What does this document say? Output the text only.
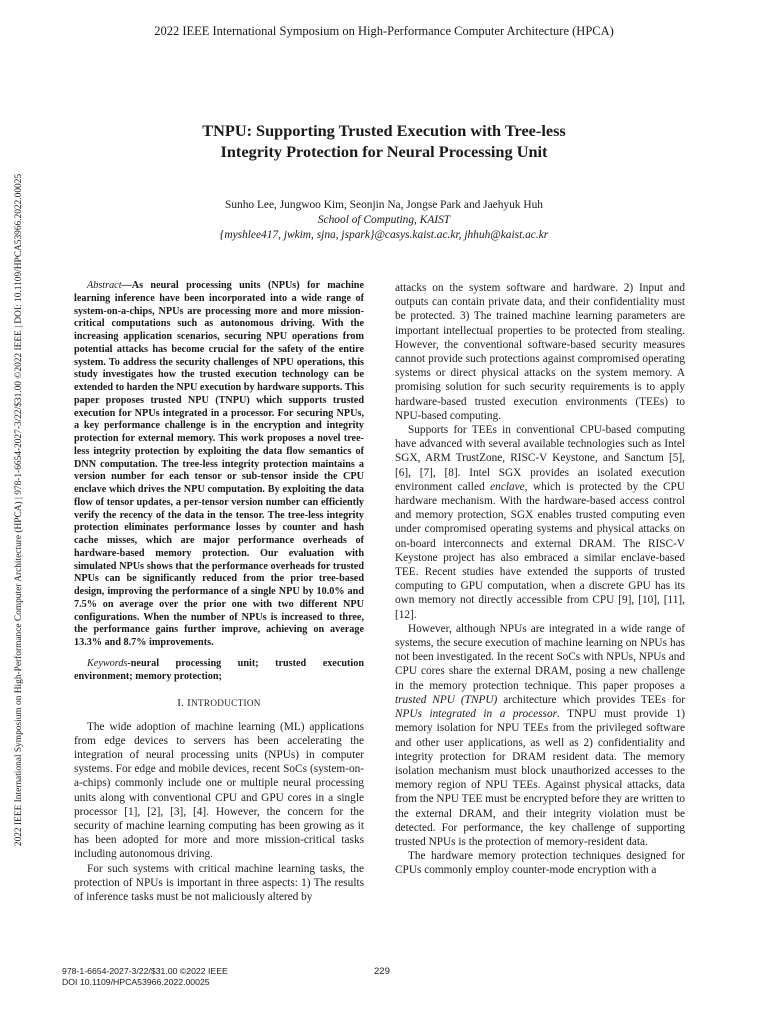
2022 IEEE International Symposium on High-Performance Computer Architecture (HPCA)
2022 IEEE International Symposium on High-Performance Computer Architecture (HPCA) | 978-1-6654-2027-3/22/$31.00 ©2022 IEEE | DOI: 10.1109/HPCA53966.2022.00025
TNPU: Supporting Trusted Execution with Tree-less
Integrity Protection for Neural Processing Unit
Sunho Lee, Jungwoo Kim, Seonjin Na, Jongse Park and Jaehyuk Huh
School of Computing, KAIST
{myshlee417, jwkim, sjna, jspark}@casys.kaist.ac.kr, jhhuh@kaist.ac.kr

Abstract—As neural processing units (NPUs) for machine learning inference have been incorporated into a wide range of system-on-a-chips, NPUs are processing more and more mission-critical computations such as autonomous driving. With the increasing application scenarios, securing NPU operations from potential attacks has become crucial for the safety of the entire system. To address the security challenges of NPU operations, this study investigates how the trusted execution technology can be extended to harden the NPU execution by hardware supports. This paper proposes trusted NPU (TNPU) which supports trusted execution for NPUs integrated in a processor. For securing NPUs, a key performance challenge is in the encryption and integrity protection for external memory. This work proposes a novel tree-less integrity protection by exploiting the data flow semantics of DNN computation. The tree-less integrity protection maintains a version number for each tensor or sub-tensor inside the CPU enclave which drives the NPU computation. By exploiting the data flow of tensor updates, a per-tensor version number can efficiently verify the recency of the data in the tensor. The tree-less integrity protection eliminates performance losses by counter and hash cache misses, which are major performance overheads of hardware-based memory protection. Our evaluation with simulated NPUs shows that the performance overheads for trusted NPUs can be significantly reduced from the prior tree-based design, improving the performance of a single NPU by 10.0% and 7.5% on average over the prior one with two different NPU configurations. When the number of NPUs is increased to three, the performance gains further improve, achieving on average 13.3% and 8.7% improvements.

Keywords-neural processing unit; trusted execution environment; memory protection;

I. INTRODUCTION

The wide adoption of machine learning (ML) applications from edge devices to servers has been accelerating the integration of neural processing units (NPUs) in computer systems. For edge and mobile devices, recent SoCs (system-on-a-chips) commonly include one or multiple neural processing units along with conventional CPU and GPU cores in a single processor [1], [2], [3], [4]. However, the concern for the security of machine learning computing has been growing as it has been adopted for more and more mission-critical tasks including autonomous driving.

For such systems with critical machine learning tasks, the protection of NPUs is important in three aspects: 1) The results of inference tasks must be not maliciously altered by

attacks on the system software and hardware. 2) Input and outputs can contain private data, and their confidentiality must be protected. 3) The trained machine learning parameters are important intellectual properties to be protected from stealing. However, the conventional software-based security measures cannot provide such protections against compromised operating systems or direct physical attacks on the system memory. A promising solution for such security requirements is to apply hardware-based trusted execution environments (TEEs) to NPU-based computing.

Supports for TEEs in conventional CPU-based computing have advanced with several available technologies such as Intel SGX, ARM TrustZone, RISC-V Keystone, and Sanctum [5], [6], [7], [8]. Intel SGX provides an isolated execution environment called enclave, which is protected by the CPU hardware mechanism. With the hardware-based access control and memory protection, SGX enables trusted computing even under compromised operating systems and physical attacks on on-board interconnects and external DRAM. The RISC-V Keystone project has also embraced a similar enclave-based TEE. Recent studies have extended the supports of trusted computing to GPU computation, when a discrete GPU has its own memory not directly accessible from CPU [9], [10], [11], [12].

However, although NPUs are integrated in a wide range of systems, the secure execution of machine learning on NPUs has not been investigated. In the recent SoCs with NPUs, NPUs and CPU cores share the external DRAM, posing a new challenge in the memory protection technique. This paper proposes a trusted NPU (TNPU) architecture which provides TEEs for NPUs integrated in a processor. TNPU must provide 1) memory isolation for NPU TEEs from the privileged software and other user applications, as well as 2) confidentiality and integrity protection for DRAM resident data. The memory isolation mechanism must block unauthorized accesses to the memory region of NPU TEEs. Against physical attacks, data from the NPU TEE must be encrypted before they are written to the external DRAM, and their integrity violation must be detected. For performance, the key challenge of supporting trusted NPUs is the protection of memory-resident data.

The hardware memory protection techniques designed for CPUs commonly employ counter-mode encryption with a

978-1-6654-2027-3/22/$31.00 ©2022 IEEE
DOI 10.1109/HPCA53966.2022.00025
229
